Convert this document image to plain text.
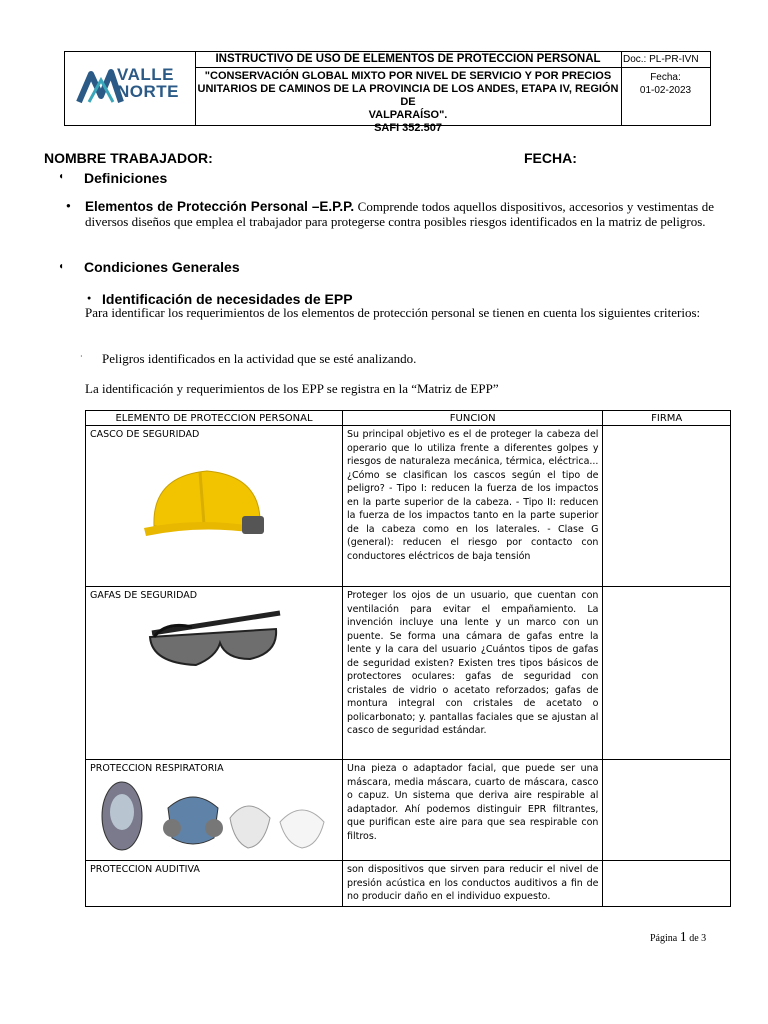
VALLE
NORTE
INSTRUCTIVO DE USO DE ELEMENTOS DE PROTECCION PERSONAL
"CONSERVACIÓN GLOBAL MIXTO POR NIVEL DE SERVICIO Y POR PRECIOS
UNITARIOS DE CAMINOS DE LA PROVINCIA DE LOS ANDES, ETAPA IV, REGIÓN DE
VALPARAÍSO".
SAFI 352.507
Doc.: PL-PR-IVN
Fecha:
01-02-2023
NOMBRE TRABAJADOR:	FECHA:
◖ Definiciones
● Elementos de Protección Personal –E.P.P. Comprende todos aquellos dispositivos, accesorios y vestimentas de diversos diseños que emplea el trabajador para protegerse contra posibles riesgos identificados en la matriz de peligros.
◖ Condiciones Generales
● Identificación de necesidades de EPP
Para identificar los requerimientos de los elementos de protección personal se tienen en cuenta los siguientes criterios:
· Peligros identificados en la actividad que se esté analizando.
La identificación y requerimientos de los EPP se registra en la “Matriz de EPP”
ELEMENTO DE PROTECCION PERSONAL	FUNCION	FIRMA

CASCO DE SEGURIDAD	Su principal objetivo es el de proteger la cabeza del operario que lo utiliza frente a diferentes golpes y riesgos de naturaleza mecánica, térmica, eléctrica... ¿Cómo se clasifican los cascos según el tipo de peligro? - Tipo I: reducen la fuerza de los impactos en la parte superior de la cabeza. - Tipo II: reducen la fuerza de los impactos tanto en la parte superior de la cabeza como en los laterales. - Clase G (general): reducen el riesgo por contacto con conductores eléctricos de baja tensión	

GAFAS DE SEGURIDAD	Proteger los ojos de un usuario, que cuentan con ventilación para evitar el empañamiento. La invención incluye una lente y un marco con un puente. Se forma una cámara de gafas entre la lente y la cara del usuario ¿Cuántos tipos de gafas de seguridad existen? Existen tres tipos básicos de protectores oculares: gafas de seguridad con cristales de vidrio o acetato reforzados; gafas de montura integral con cristales de acetato o policarbonato; y. pantallas faciales que se ajustan al casco de seguridad estándar.	

PROTECCION RESPIRATORIA	Una pieza o adaptador facial, que puede ser una máscara, media máscara, cuarto de máscara, casco o capuz. Un sistema que deriva aire respirable al adaptador. Ahí podemos distinguir EPR filtrantes, que purifican este aire para que sea respirable con filtros.	

PROTECCION AUDITIVA	son dispositivos que sirven para reducir el nivel de presión acústica en los conductos auditivos a fin de no producir daño en el individuo expuesto.	
Página 1 de 3
